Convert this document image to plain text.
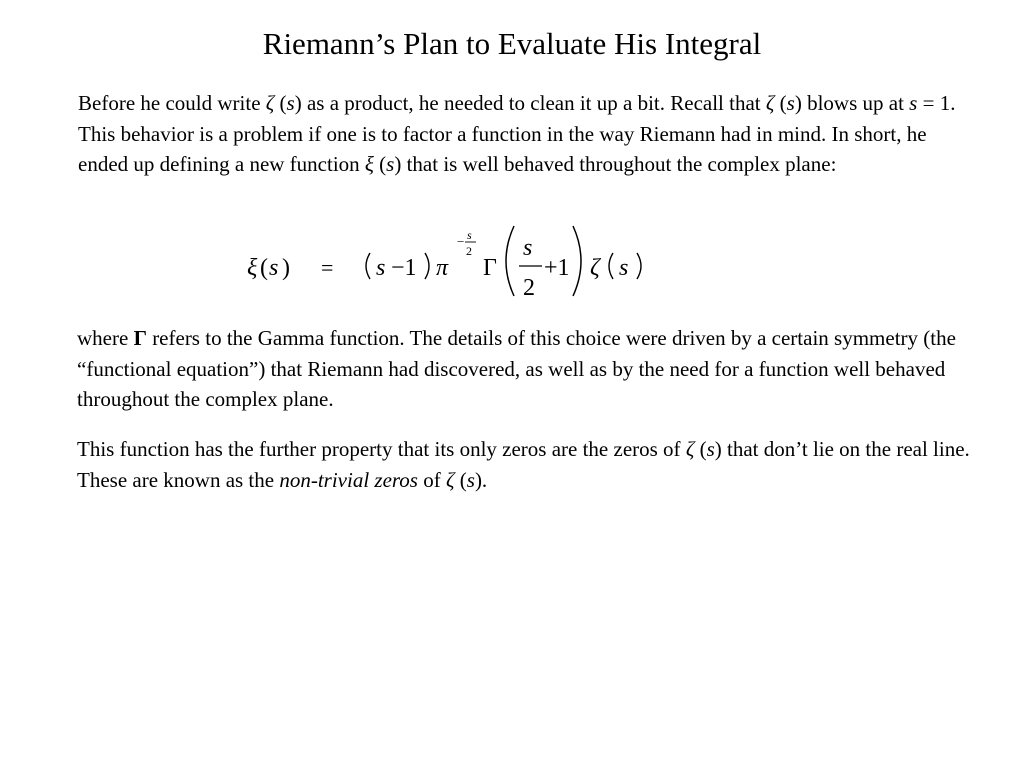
Riemann’s Plan to Evaluate His Integral

Before he could write ζ (s) as a product, he needed to clean it up a bit. Recall that ζ (s) blows up at s = 1. This behavior is a problem if one is to factor a function in the way Riemann had in mind. In short, he ended up defining a new function ξ (s) that is well behaved throughout the complex plane:

ξ ( s ) = s −1 π
− s
2
Γ
s
2
+1 ζ s

where Γ refers to the Gamma function. The details of this choice were driven by a certain symmetry (the “functional equation”) that Riemann had discovered, as well as by the need for a function well behaved throughout the complex plane.

This function has the further property that its only zeros are the zeros of ζ (s) that don’t lie on the real line. These are known as the non-trivial zeros of ζ (s).
